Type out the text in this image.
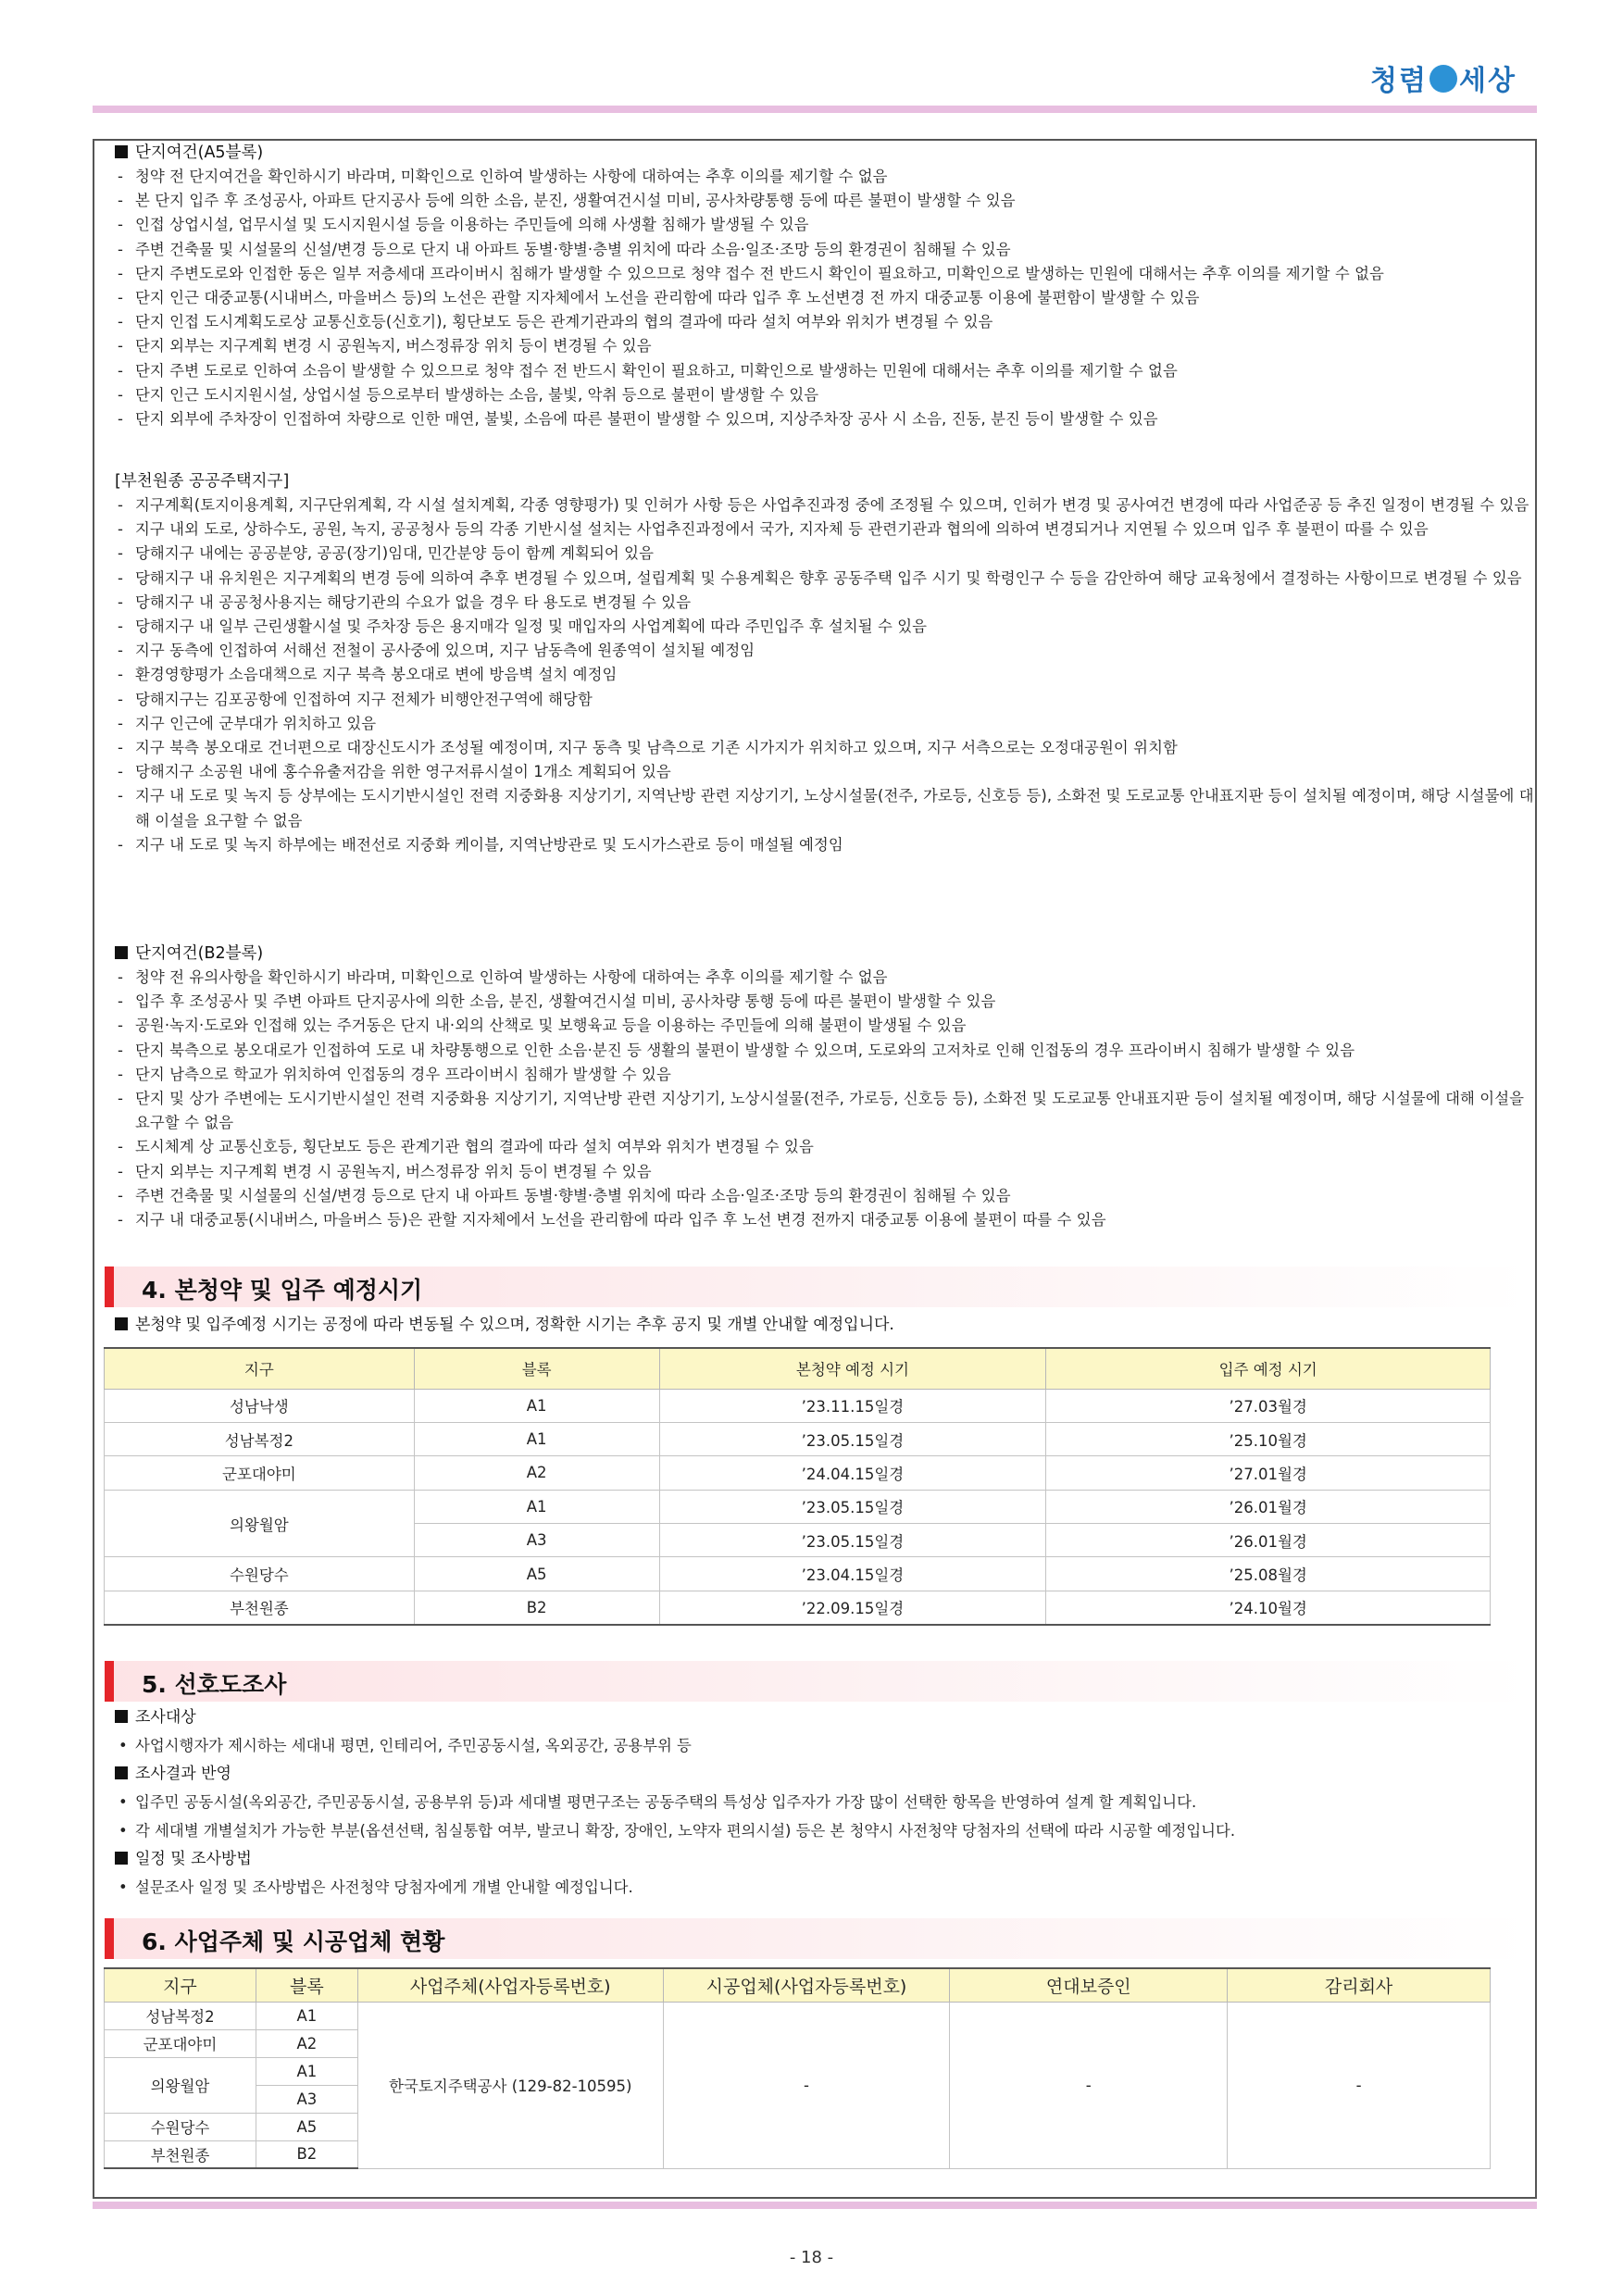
청렴 세상
단지여건(A5블록)
- 청약 전 단지여건을 확인하시기 바라며, 미확인으로 인하여 발생하는 사항에 대하여는 추후 이의를 제기할 수 없음
- 본 단지 입주 후 조성공사, 아파트 단지공사 등에 의한 소음, 분진, 생활여건시설 미비, 공사차량통행 등에 따른 불편이 발생할 수 있음
- 인접 상업시설, 업무시설 및 도시지원시설 등을 이용하는 주민들에 의해 사생활 침해가 발생될 수 있음
- 주변 건축물 및 시설물의 신설/변경 등으로 단지 내 아파트 동별·향별·층별 위치에 따라 소음·일조·조망 등의 환경권이 침해될 수 있음
- 단지 주변도로와 인접한 동은 일부 저층세대 프라이버시 침해가 발생할 수 있으므로 청약 접수 전 반드시 확인이 필요하고, 미확인으로 발생하는 민원에 대해서는 추후 이의를 제기할 수 없음
- 단지 인근 대중교통(시내버스, 마을버스 등)의 노선은 관할 지자체에서 노선을 관리함에 따라 입주 후 노선변경 전 까지 대중교통 이용에 불편함이 발생할 수 있음
- 단지 인접 도시계획도로상 교통신호등(신호기), 횡단보도 등은 관계기관과의 협의 결과에 따라 설치 여부와 위치가 변경될 수 있음
- 단지 외부는 지구계획 변경 시 공원녹지, 버스정류장 위치 등이 변경될 수 있음
- 단지 주변 도로로 인하여 소음이 발생할 수 있으므로 청약 접수 전 반드시 확인이 필요하고, 미확인으로 발생하는 민원에 대해서는 추후 이의를 제기할 수 없음
- 단지 인근 도시지원시설, 상업시설 등으로부터 발생하는 소음, 불빛, 악취 등으로 불편이 발생할 수 있음
- 단지 외부에 주차장이 인접하여 차량으로 인한 매연, 불빛, 소음에 따른 불편이 발생할 수 있으며, 지상주차장 공사 시 소음, 진동, 분진 등이 발생할 수 있음
[부천원종 공공주택지구]
- 지구계획(토지이용계획, 지구단위계획, 각 시설 설치계획, 각종 영향평가) 및 인허가 사항 등은 사업추진과정 중에 조정될 수 있으며, 인허가 변경 및 공사여건 변경에 따라 사업준공 등 추진 일정이 변경될 수 있음
- 지구 내외 도로, 상하수도, 공원, 녹지, 공공청사 등의 각종 기반시설 설치는 사업추진과정에서 국가, 지자체 등 관련기관과 협의에 의하여 변경되거나 지연될 수 있으며 입주 후 불편이 따를 수 있음
- 당해지구 내에는 공공분양, 공공(장기)임대, 민간분양 등이 함께 계획되어 있음
- 당해지구 내 유치원은 지구계획의 변경 등에 의하여 추후 변경될 수 있으며, 설립계획 및 수용계획은 향후 공동주택 입주 시기 및 학령인구 수 등을 감안하여 해당 교육청에서 결정하는 사항이므로 변경될 수 있음
- 당해지구 내 공공청사용지는 해당기관의 수요가 없을 경우 타 용도로 변경될 수 있음
- 당해지구 내 일부 근린생활시설 및 주차장 등은 용지매각 일정 및 매입자의 사업계획에 따라 주민입주 후 설치될 수 있음
- 지구 동측에 인접하여 서해선 전철이 공사중에 있으며, 지구 남동측에 원종역이 설치될 예정임
- 환경영향평가 소음대책으로 지구 북측 봉오대로 변에 방음벽 설치 예정임
- 당해지구는 김포공항에 인접하여 지구 전체가 비행안전구역에 해당함
- 지구 인근에 군부대가 위치하고 있음
- 지구 북측 봉오대로 건너편으로 대장신도시가 조성될 예정이며, 지구 동측 및 남측으로 기존 시가지가 위치하고 있으며, 지구 서측으로는 오정대공원이 위치함
- 당해지구 소공원 내에 홍수유출저감을 위한 영구저류시설이 1개소 계획되어 있음
- 지구 내 도로 및 녹지 등 상부에는 도시기반시설인 전력 지중화용 지상기기, 지역난방 관련 지상기기, 노상시설물(전주, 가로등, 신호등 등), 소화전 및 도로교통 안내표지판 등이 설치될 예정이며, 해당 시설물에 대해 이설을 요구할 수 없음
- 지구 내 도로 및 녹지 하부에는 배전선로 지중화 케이블, 지역난방관로 및 도시가스관로 등이 매설될 예정임
단지여건(B2블록)
- 청약 전 유의사항을 확인하시기 바라며, 미확인으로 인하여 발생하는 사항에 대하여는 추후 이의를 제기할 수 없음
- 입주 후 조성공사 및 주변 아파트 단지공사에 의한 소음, 분진, 생활여건시설 미비, 공사차량 통행 등에 따른 불편이 발생할 수 있음
- 공원·녹지·도로와 인접해 있는 주거동은 단지 내·외의 산책로 및 보행육교 등을 이용하는 주민들에 의해 불편이 발생될 수 있음
- 단지 북측으로 봉오대로가 인접하여 도로 내 차량통행으로 인한 소음·분진 등 생활의 불편이 발생할 수 있으며, 도로와의 고저차로 인해 인접동의 경우 프라이버시 침해가 발생할 수 있음
- 단지 남측으로 학교가 위치하여 인접동의 경우 프라이버시 침해가 발생할 수 있음
- 단지 및 상가 주변에는 도시기반시설인 전력 지중화용 지상기기, 지역난방 관련 지상기기, 노상시설물(전주, 가로등, 신호등 등), 소화전 및 도로교통 안내표지판 등이 설치될 예정이며, 해당 시설물에 대해 이설을 요구할 수 없음
- 도시체계 상 교통신호등, 횡단보도 등은 관계기관 협의 결과에 따라 설치 여부와 위치가 변경될 수 있음
- 단지 외부는 지구계획 변경 시 공원녹지, 버스정류장 위치 등이 변경될 수 있음
- 주변 건축물 및 시설물의 신설/변경 등으로 단지 내 아파트 동별·향별·층별 위치에 따라 소음·일조·조망 등의 환경권이 침해될 수 있음
- 지구 내 대중교통(시내버스, 마을버스 등)은 관할 지자체에서 노선을 관리함에 따라 입주 후 노선 변경 전까지 대중교통 이용에 불편이 따를 수 있음
4. 본청약 및 입주 예정시기
본청약 및 입주예정 시기는 공정에 따라 변동될 수 있으며, 정확한 시기는 추후 공지 및 개별 안내할 예정입니다.
지구	블록	본청약 예정 시기	입주 예정 시기
성남낙생	A1	’23.11.15일경	’27.03월경
성남복정2	A1	’23.05.15일경	’25.10월경
군포대야미	A2	’24.04.15일경	’27.01월경
의왕월암	A1	’23.05.15일경	’26.01월경
	A3	’23.05.15일경	’26.01월경
수원당수	A5	’23.04.15일경	’25.08월경
부천원종	B2	’22.09.15일경	’24.10월경
5. 선호도조사
조사대상
• 사업시행자가 제시하는 세대내 평면, 인테리어, 주민공동시설, 옥외공간, 공용부위 등
조사결과 반영
• 입주민 공동시설(옥외공간, 주민공동시설, 공용부위 등)과 세대별 평면구조는 공동주택의 특성상 입주자가 가장 많이 선택한 항목을 반영하여 설계 할 계획입니다.
• 각 세대별 개별설치가 가능한 부분(옵션선택, 침실통합 여부, 발코니 확장, 장애인, 노약자 편의시설) 등은 본 청약시 사전청약 당첨자의 선택에 따라 시공할 예정입니다.
일정 및 조사방법
• 설문조사 일정 및 조사방법은 사전청약 당첨자에게 개별 안내할 예정입니다.
6. 사업주체 및 시공업체 현황
지구	블록	사업주체(사업자등록번호)	시공업체(사업자등록번호)	연대보증인	감리회사
성남복정2	A1	한국토지주택공사 (129-82-10595)	-	-	-
군포대야미	A2				
의왕월암	A1				
	A3				
수원당수	A5				
부천원종	B2				
- 18 -
